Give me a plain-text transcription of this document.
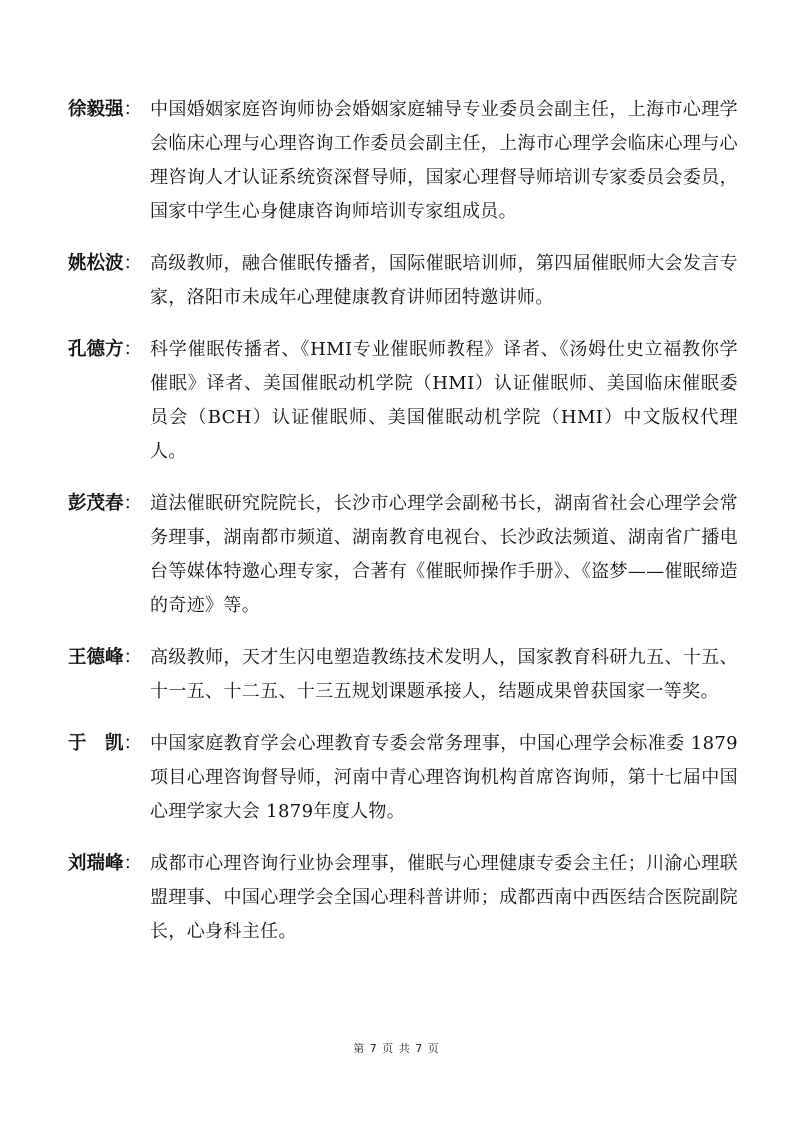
徐毅强： 中国婚姻家庭咨询师协会婚姻家庭辅导专业委员会副主任，上海市心理学会临床心理与心理咨询工作委员会副主任，上海市心理学会临床心理与心理咨询人才认证系统资深督导师，国家心理督导师培训专家委员会委员，国家中学生心身健康咨询师培训专家组成员。
姚松波： 高级教师，融合催眠传播者，国际催眠培训师，第四届催眠师大会发言专家，洛阳市未成年心理健康教育讲师团特邀讲师。
孔德方： 科学催眠传播者、《HMI专业催眠师教程》译者、《汤姆仕史立福教你学催眠》译者、美国催眠动机学院（HMI）认证催眠师、美国临床催眠委员会（BCH）认证催眠师、美国催眠动机学院（HMI）中文版权代理人。
彭茂春： 道法催眠研究院院长，长沙市心理学会副秘书长，湖南省社会心理学会常务理事，湖南都市频道、湖南教育电视台、长沙政法频道、湖南省广播电台等媒体特邀心理专家，合著有《催眠师操作手册》、《盗梦——催眠缔造的奇迹》等。
王德峰： 高级教师，天才生闪电塑造教练技术发明人，国家教育科研九五、十五、十一五、十二五、十三五规划课题承接人，结题成果曾获国家一等奖。
于　凯： 中国家庭教育学会心理教育专委会常务理事，中国心理学会标准委 1879项目心理咨询督导师，河南中青心理咨询机构首席咨询师，第十七届中国心理学家大会 1879年度人物。
刘瑞峰： 成都市心理咨询行业协会理事，催眠与心理健康专委会主任；川渝心理联盟理事、中国心理学会全国心理科普讲师；成都西南中西医结合医院副院长，心身科主任。
第 7 页 共 7 页
